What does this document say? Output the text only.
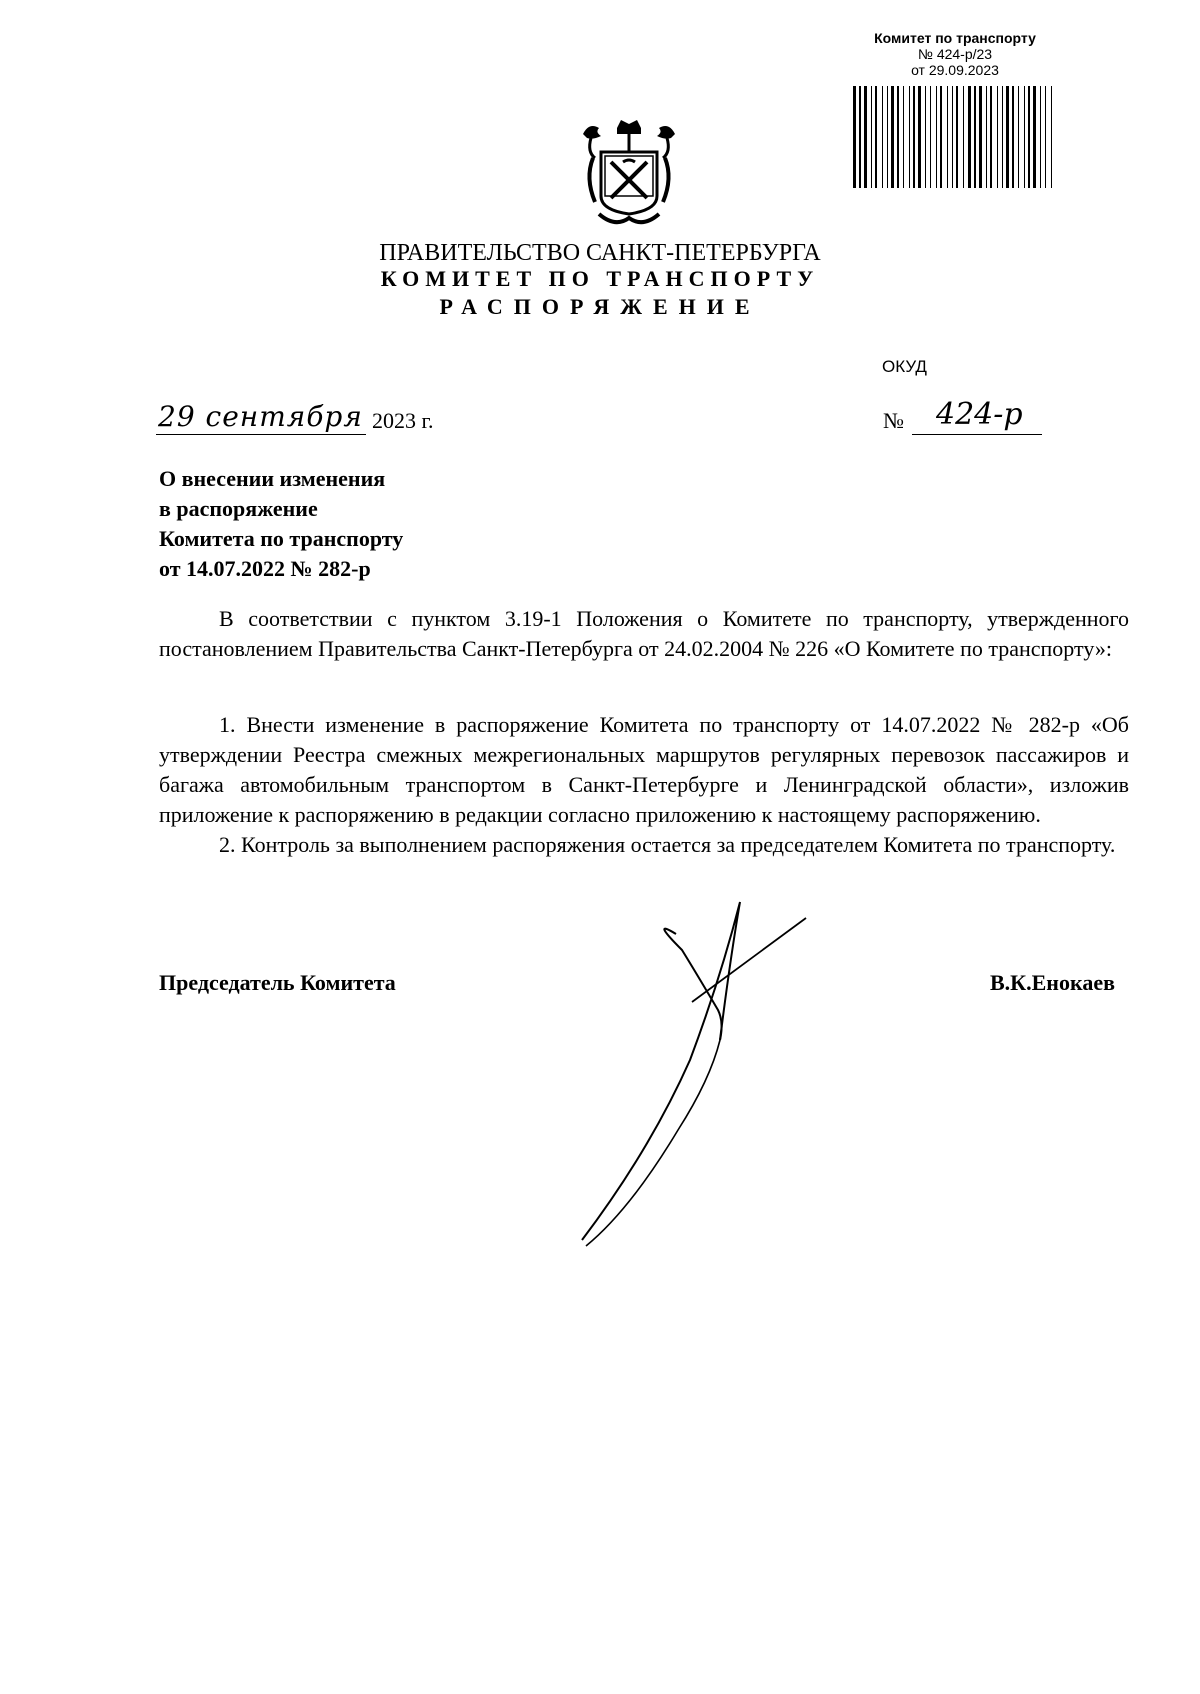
Комитет по транспорту
№ 424-р/23
от 29.09.2023
ПРАВИТЕЛЬСТВО САНКТ-ПЕТЕРБУРГА
КОМИТЕТ ПО ТРАНСПОРТУ
РАСПОРЯЖЕНИЕ
ОКУД
29 сентября 2023 г.	№ 424-р
О внесении изменения
в распоряжение
Комитета по транспорту
от 14.07.2022 № 282-р

В соответствии с пунктом 3.19-1 Положения о Комитете по транспорту, утвержденного постановлением Правительства Санкт-Петербурга от 24.02.2004 № 226 «О Комитете по транспорту»:

1. Внести изменение в распоряжение Комитета по транспорту от 14.07.2022 № 282-р «Об утверждении Реестра смежных межрегиональных маршрутов регулярных перевозок пассажиров и багажа автомобильным транспортом в Санкт-Петербурге и Ленинградской области», изложив приложение к распоряжению в редакции согласно приложению к настоящему распоряжению.

2. Контроль за выполнением распоряжения остается за председателем Комитета по транспорту.

Председатель Комитета	В.К.Енокаев
